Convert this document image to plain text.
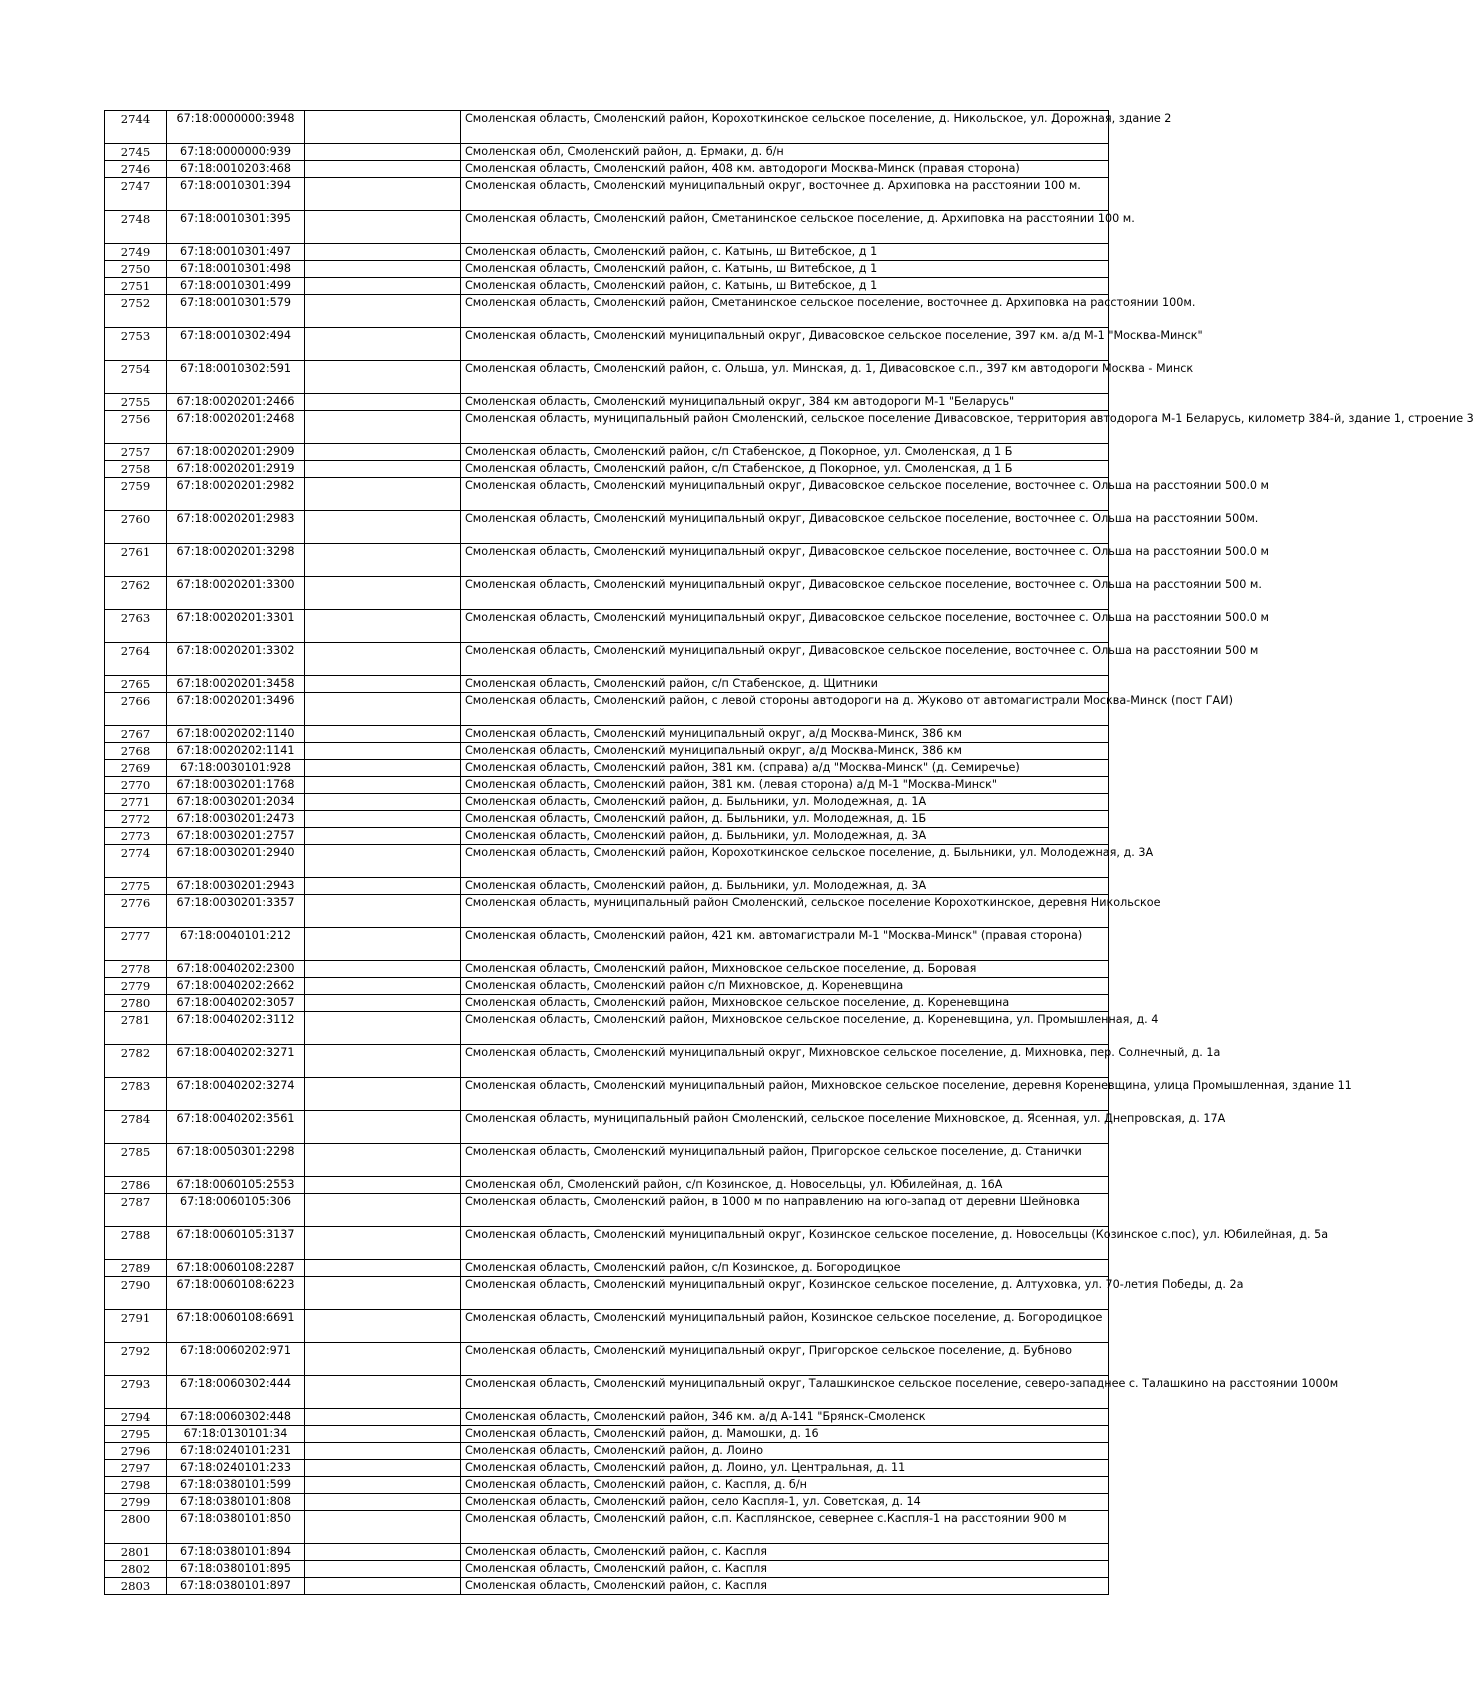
2744	67:18:0000000:3948		Смоленская область, Смоленский район, Корохоткинское сельское поселение, д. Никольское, ул. Дорожная, здание 2
2745	67:18:0000000:939		Смоленская обл, Смоленский район, д. Ермаки, д. б/н
2746	67:18:0010203:468		Смоленская область, Смоленский район, 408 км. автодороги Москва-Минск (правая сторона)
2747	67:18:0010301:394		Смоленская область, Смоленский муниципальный округ, восточнее д. Архиповка на расстоянии 100 м.
2748	67:18:0010301:395		Смоленская область, Смоленский район, Сметанинское сельское поселение, д. Архиповка на расстоянии 100 м.
2749	67:18:0010301:497		Смоленская область, Смоленский район, с. Катынь, ш Витебское, д 1
2750	67:18:0010301:498		Смоленская область, Смоленский район, с. Катынь, ш Витебское, д 1
2751	67:18:0010301:499		Смоленская область, Смоленский район, с. Катынь, ш Витебское, д 1
2752	67:18:0010301:579		Смоленская область, Смоленский район, Сметанинское сельское поселение, восточнее д. Архиповка на расстоянии 100м.
2753	67:18:0010302:494		Смоленская область, Смоленский муниципальный округ, Дивасовское сельское поселение, 397 км. а/д М-1 "Москва-Минск"
2754	67:18:0010302:591		Смоленская область, Смоленский район, с. Ольша, ул. Минская, д. 1, Дивасовское с.п., 397 км автодороги Москва - Минск
2755	67:18:0020201:2466		Смоленская область, Смоленский муниципальный округ, 384 км автодороги М-1 "Беларусь"
2756	67:18:0020201:2468		Смоленская область, муниципальный район Смоленский, сельское поселение Дивасовское, территория автодорога М-1 Беларусь, километр 384-й, здание 1, строение 3
2757	67:18:0020201:2909		Смоленская область, Смоленский район, с/п Стабенское, д Покорное, ул. Смоленская, д 1 Б
2758	67:18:0020201:2919		Смоленская область, Смоленский район, с/п Стабенское, д Покорное, ул. Смоленская, д 1 Б
2759	67:18:0020201:2982		Смоленская область, Смоленский муниципальный округ, Дивасовское сельское поселение, восточнее с. Ольша на расстоянии 500.0 м
2760	67:18:0020201:2983		Смоленская область, Смоленский муниципальный округ, Дивасовское сельское поселение, восточнее с. Ольша на расстоянии 500м.
2761	67:18:0020201:3298		Смоленская область, Смоленский муниципальный округ, Дивасовское сельское поселение, восточнее с. Ольша на расстоянии 500.0 м
2762	67:18:0020201:3300		Смоленская область, Смоленский муниципальный округ, Дивасовское сельское поселение, восточнее с. Ольша на расстоянии 500 м.
2763	67:18:0020201:3301		Смоленская область, Смоленский муниципальный округ, Дивасовское сельское поселение, восточнее с. Ольша на расстоянии 500.0 м
2764	67:18:0020201:3302		Смоленская область, Смоленский муниципальный округ, Дивасовское сельское поселение, восточнее с. Ольша на расстоянии 500 м
2765	67:18:0020201:3458		Смоленская область, Смоленский район, с/п Стабенское, д. Щитники
2766	67:18:0020201:3496		Смоленская область, Смоленский район, с левой стороны автодороги на д. Жуково от автомагистрали Москва-Минск (пост ГАИ)
2767	67:18:0020202:1140		Смоленская область, Смоленский муниципальный округ, а/д Москва-Минск, 386 км
2768	67:18:0020202:1141		Смоленская область, Смоленский муниципальный округ, а/д Москва-Минск, 386 км
2769	67:18:0030101:928		Смоленская область, Смоленский район, 381 км. (справа) а/д "Москва-Минск" (д. Семиречье)
2770	67:18:0030201:1768		Смоленская область, Смоленский район, 381 км. (левая сторона) а/д М-1 "Москва-Минск"
2771	67:18:0030201:2034		Смоленская область, Смоленский район, д. Быльники, ул. Молодежная, д. 1А
2772	67:18:0030201:2473		Смоленская область, Смоленский район, д. Быльники, ул. Молодежная, д. 1Б
2773	67:18:0030201:2757		Смоленская область, Смоленский район, д. Быльники, ул. Молодежная, д. 3А
2774	67:18:0030201:2940		Смоленская область, Смоленский район, Корохоткинское сельское поселение, д. Быльники, ул. Молодежная, д. 3А
2775	67:18:0030201:2943		Смоленская область, Смоленский район, д. Быльники, ул. Молодежная, д. 3А
2776	67:18:0030201:3357		Смоленская область, муниципальный район Смоленский, сельское поселение Корохоткинское, деревня Никольское
2777	67:18:0040101:212		Смоленская область, Смоленский район, 421 км. автомагистрали М-1 "Москва-Минск" (правая сторона)
2778	67:18:0040202:2300		Смоленская область, Смоленский район, Михновское сельское поселение, д. Боровая
2779	67:18:0040202:2662		Смоленская область, Смоленский район с/п Михновское, д. Кореневщина
2780	67:18:0040202:3057		Смоленская область, Смоленский район, Михновское сельское поселение, д. Кореневщина
2781	67:18:0040202:3112		Смоленская область, Смоленский район, Михновское сельское поселение, д. Кореневщина, ул. Промышленная, д. 4
2782	67:18:0040202:3271		Смоленская область, Смоленский муниципальный округ, Михновское сельское поселение, д. Михновка, пер. Солнечный, д. 1а
2783	67:18:0040202:3274		Смоленская область, Смоленский муниципальный район, Михновское сельское поселение, деревня Кореневщина, улица Промышленная, здание 11
2784	67:18:0040202:3561		Смоленская область, муниципальный район Смоленский, сельское поселение Михновское, д. Ясенная, ул. Днепровская, д. 17А
2785	67:18:0050301:2298		Смоленская область, Смоленский муниципальный район, Пригорское сельское поселение, д. Станички
2786	67:18:0060105:2553		Смоленская обл, Смоленский район, с/п Козинское, д. Новосельцы, ул. Юбилейная, д. 16А
2787	67:18:0060105:306		Смоленская область, Смоленский район, в 1000 м по направлению на юго-запад от деревни Шейновка
2788	67:18:0060105:3137		Смоленская область, Смоленский муниципальный округ, Козинское сельское поселение, д. Новосельцы (Козинское с.пос), ул. Юбилейная, д. 5а
2789	67:18:0060108:2287		Смоленская область, Смоленский район, с/п Козинское, д. Богородицкое
2790	67:18:0060108:6223		Смоленская область, Смоленский муниципальный округ, Козинское сельское поселение, д. Алтуховка, ул. 70-летия Победы, д. 2а
2791	67:18:0060108:6691		Смоленская область, Смоленский муниципальный район, Козинское сельское поселение, д. Богородицкое
2792	67:18:0060202:971		Смоленская область, Смоленский муниципальный округ, Пригорское сельское поселение, д. Бубново
2793	67:18:0060302:444		Смоленская область, Смоленский муниципальный округ, Талашкинское сельское поселение, северо-западнее с. Талашкино на расстоянии 1000м
2794	67:18:0060302:448		Смоленская область, Смоленский район, 346 км. а/д А-141 "Брянск-Смоленск
2795	67:18:0130101:34		Смоленская область, Смоленский район, д. Мамошки, д. 16
2796	67:18:0240101:231		Смоленская область, Смоленский район, д. Лоино
2797	67:18:0240101:233		Смоленская область, Смоленский район, д. Лоино, ул. Центральная, д. 11
2798	67:18:0380101:599		Смоленская область, Смоленский район, с. Каспля, д. б/н
2799	67:18:0380101:808		Смоленская область, Смоленский район, село Каспля-1, ул. Советская, д. 14
2800	67:18:0380101:850		Смоленская область, Смоленский район, с.п. Касплянское, севернее с.Каспля-1 на расстоянии 900 м
2801	67:18:0380101:894		Смоленская область, Смоленский район, с. Каспля
2802	67:18:0380101:895		Смоленская область, Смоленский район, с. Каспля
2803	67:18:0380101:897		Смоленская область, Смоленский район, с. Каспля
